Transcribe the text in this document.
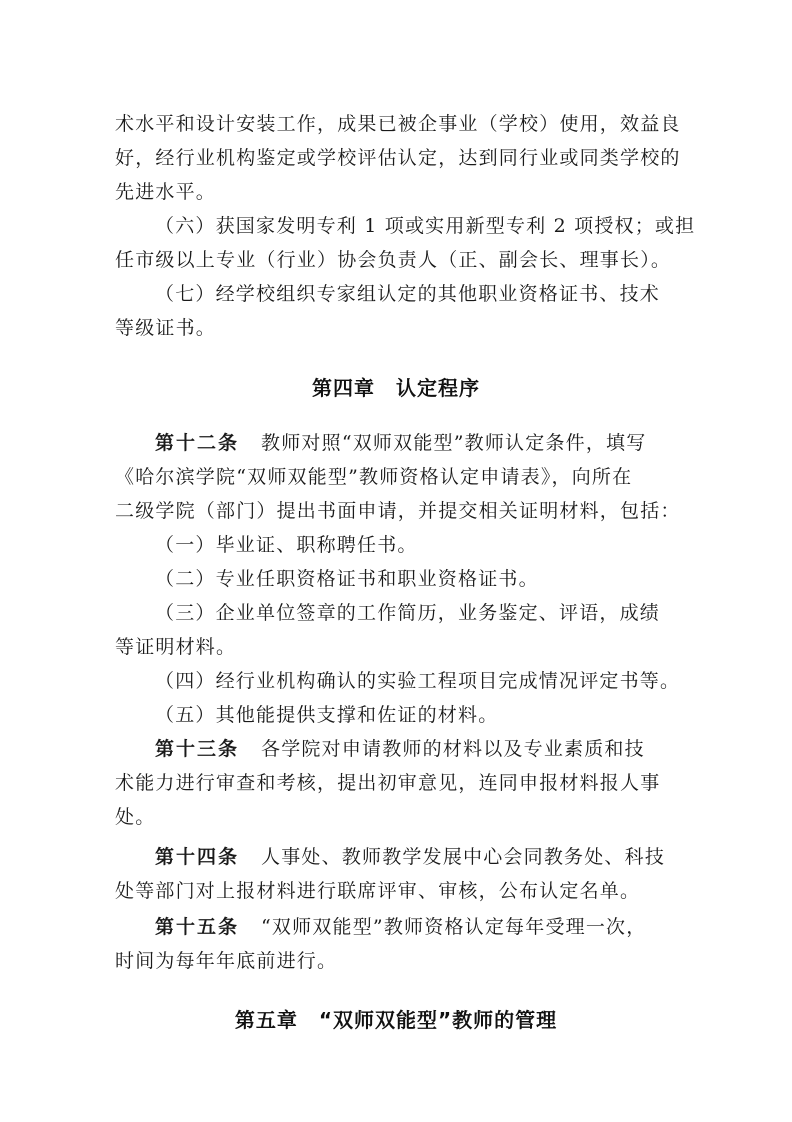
术水平和设计安装工作，成果已被企事业（学校）使用，效益良
好，经行业机构鉴定或学校评估认定，达到同行业或同类学校的
先进水平。
（六）获国家发明专利 1 项或实用新型专利 2 项授权；或担
任市级以上专业（行业）协会负责人（正、副会长、理事长）。
（七）经学校组织专家组认定的其他职业资格证书、技术
等级证书。
第四章　认定程序
第十二条 教师对照“双师双能型”教师认定条件，填写
《哈尔滨学院“双师双能型”教师资格认定申请表》，向所在
二级学院（部门）提出书面申请，并提交相关证明材料，包括：
（一）毕业证、职称聘任书。
（二）专业任职资格证书和职业资格证书。
（三）企业单位签章的工作简历，业务鉴定、评语，成绩
等证明材料。
（四）经行业机构确认的实验工程项目完成情况评定书等。
（五）其他能提供支撑和佐证的材料。
第十三条 各学院对申请教师的材料以及专业素质和技
术能力进行审查和考核，提出初审意见，连同申报材料报人事
处。
第十四条 人事处、教师教学发展中心会同教务处、科技
处等部门对上报材料进行联席评审、审核，公布认定名单。
第十五条 “双师双能型”教师资格认定每年受理一次，
时间为每年年底前进行。
第五章　“双师双能型”教师的管理
